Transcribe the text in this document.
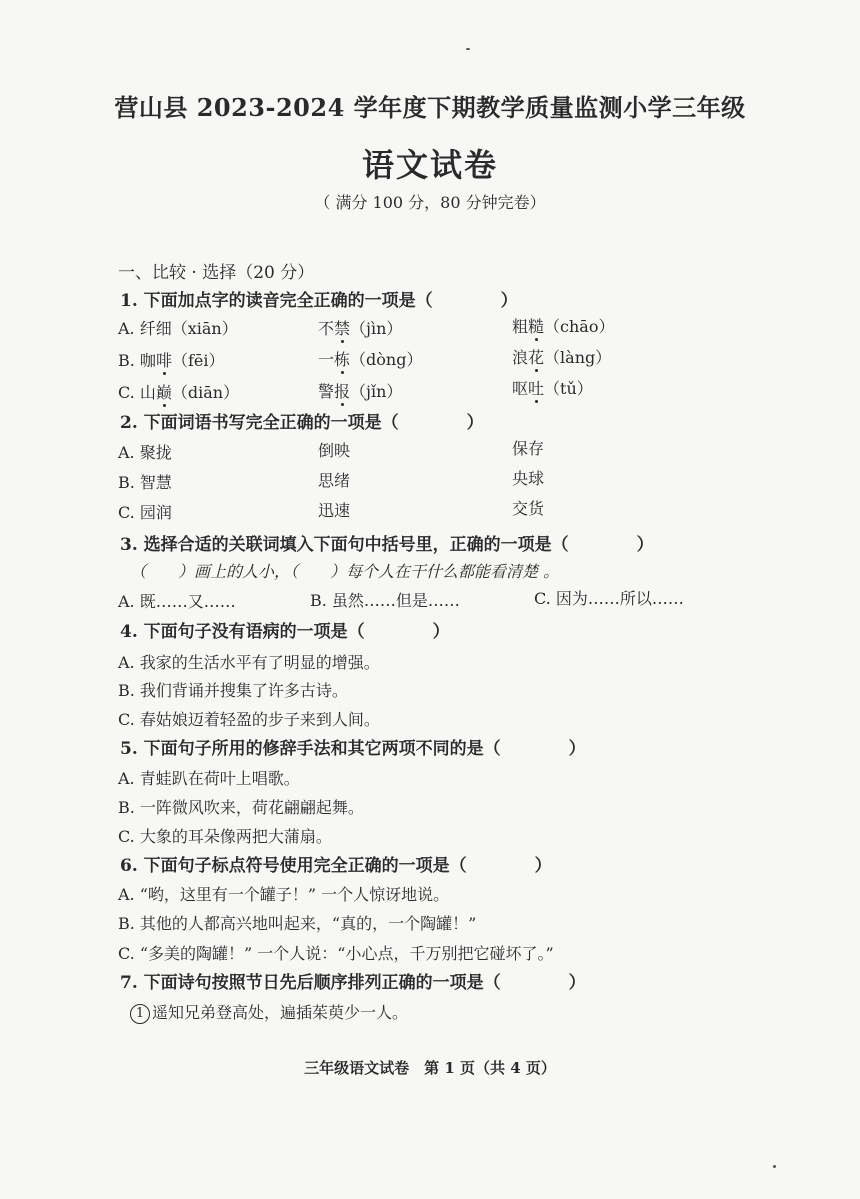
营山县 2023-2024 学年度下期教学质量监测小学三年级
语文试卷
（ 满分 100 分，80 分钟完卷）
一、比较 · 选择（20 分）
1. 下面加点字的读音完全正确的一项是（　　　　）
A. 纤细（xiān）	不禁（jìn）	粗糙（chāo）
B. 咖啡（fēi）	一栋（dòng）	浪花（làng）
C. 山巅（diān）	警报（jǐn）	呕吐（tǔ）
2. 下面词语书写完全正确的一项是（　　　　）
A. 聚拢	倒映	保存
B. 智慧	思绪	央球
C. 园润	迅速	交货
3. 选择合适的关联词填入下面句中括号里，正确的一项是（　　　　）
（　　）画上的人小，（　　）每个人在干什么都能看清楚 。
A. 既……又……	B. 虽然……但是……	C. 因为……所以……
4. 下面句子没有语病的一项是（　　　　）
A. 我家的生活水平有了明显的增强。
B. 我们背诵并搜集了许多古诗。
C. 春姑娘迈着轻盈的步子来到人间。
5. 下面句子所用的修辞手法和其它两项不同的是（　　　　）
A. 青蛙趴在荷叶上唱歌。
B. 一阵微风吹来，荷花翩翩起舞。
C. 大象的耳朵像两把大蒲扇。
6. 下面句子标点符号使用完全正确的一项是（　　　　）
A. “哟，这里有一个罐子！” 一个人惊讶地说。
B. 其他的人都高兴地叫起来，“真的，一个陶罐！”
C. “多美的陶罐！” 一个人说：“小心点，千万别把它碰坏了。”
7. 下面诗句按照节日先后顺序排列正确的一项是（　　　　）
1 遥知兄弟登高处，遍插茱萸少一人。
三年级语文试卷　第 1 页（共 4 页）
